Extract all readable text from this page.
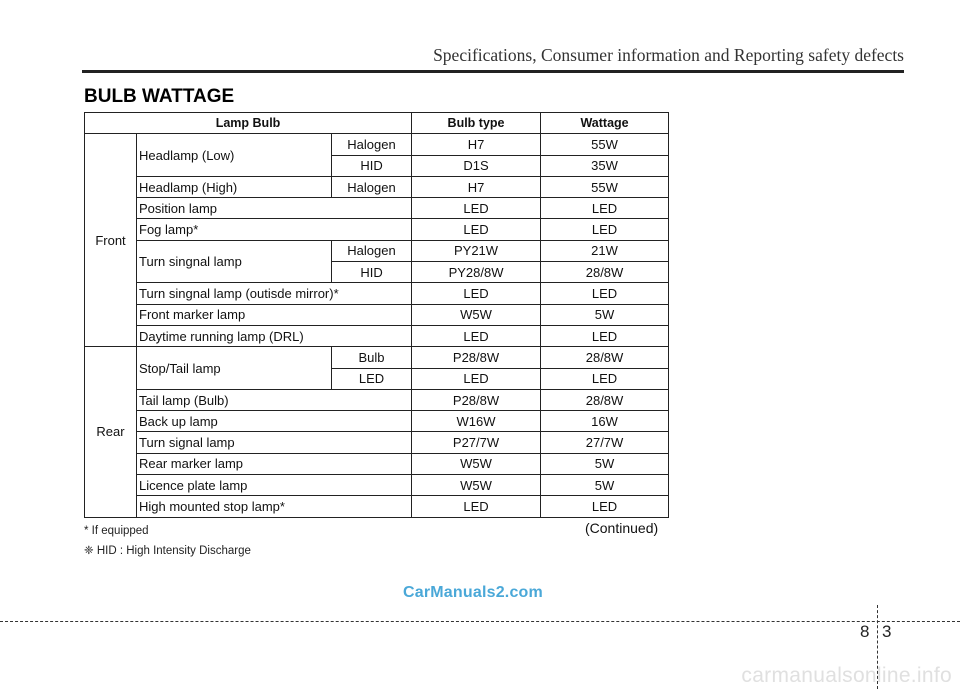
Specifications, Consumer information and Reporting safety defects
BULB WATTAGE
Lamp Bulb			Bulb type	Wattage
Front	Headlamp (Low)	Halogen	H7	55W
		HID	D1S	35W
	Headlamp (High)	Halogen	H7	55W
	Position lamp		LED	LED
	Fog lamp*		LED	LED
	Turn singnal lamp	Halogen	PY21W	21W
		HID	PY28/8W	28/8W
	Turn singnal lamp (outisde mirror)*		LED	LED
	Front marker lamp		W5W	5W
	Daytime running lamp (DRL)		LED	LED
Rear	Stop/Tail lamp	Bulb	P28/8W	28/8W
		LED	LED	LED
	Tail lamp (Bulb)		P28/8W	28/8W
	Back up lamp		W16W	16W
	Turn signal lamp		P27/7W	27/7W
	Rear marker lamp		W5W	5W
	Licence plate lamp		W5W	5W
	High mounted stop lamp*		LED	LED
* If equipped
❈ HID : High Intensity Discharge
(Continued)
CarManuals2.com
8 3
carmanualsonline.info
